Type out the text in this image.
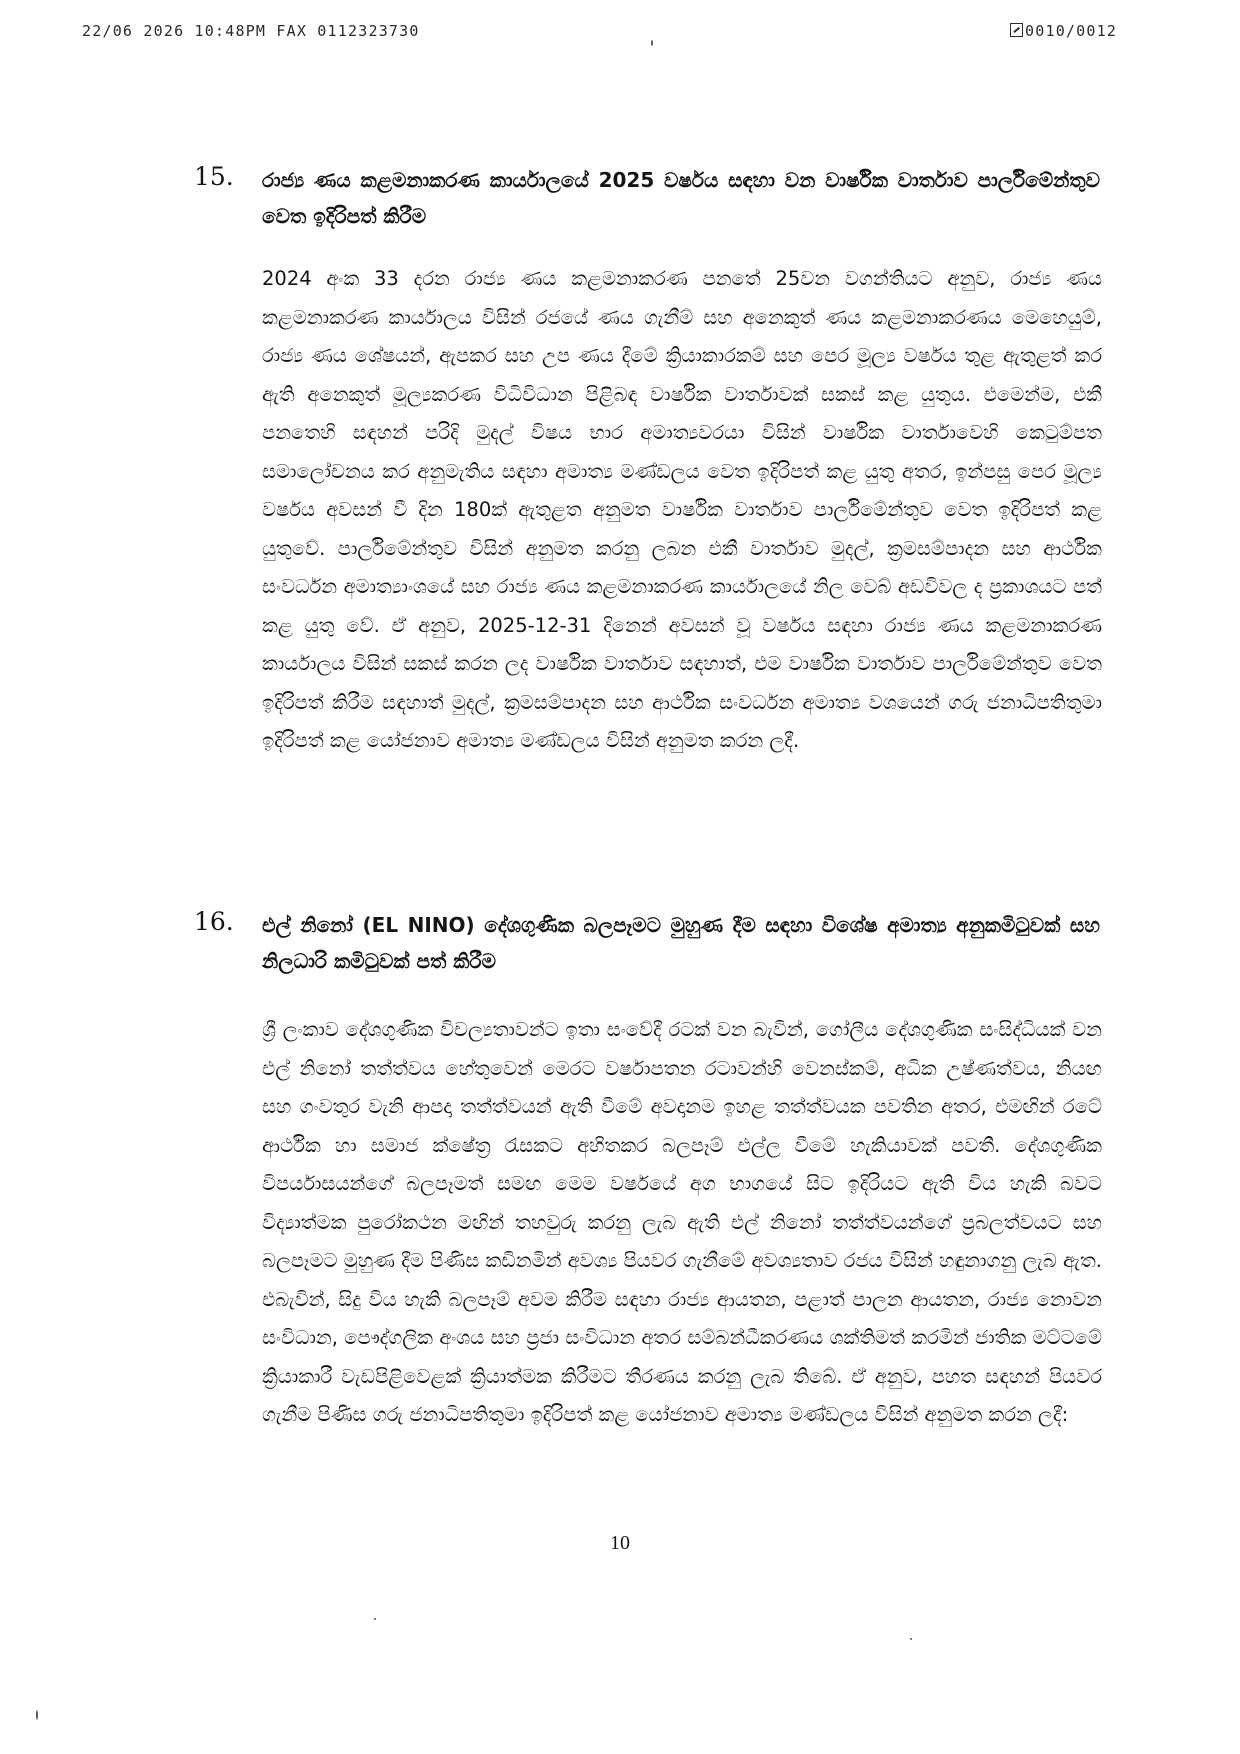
22/06 2026 10:48PM FAX 0112323730	0010/0012
15. රාජ්‍ය ණය කළමනාකරණ කාර්යාලයේ 2025 වර්ෂය සඳහා වන වාර්ෂික වාර්තාව පාර්ලිමේන්තුව වෙත ඉදිරිපත් කිරීම
2024 අංක 33 දරන රාජ්‍ය ණය කළමනාකරණ පනතේ 25වන වගන්තියට අනුව, රාජ්‍ය ණය කළමනාකරණ කාර්යාලය විසින් රජයේ ණය ගැනීම් සහ අනෙකුත් ණය කළමනාකරණය මෙහෙයුම්, රාජ්‍ය ණය ශේෂයන්, ඇපකර සහ උප ණය දීමේ ක්‍රියාකාරකම් සහ පෙර මූල්‍ය වර්ෂය තුළ ඇතුළත් කර ඇති අනෙකුත් මූල්‍යකරණ විධිවිධාන පිළිබඳ වාර්ෂික වාර්තාවක් සකස් කළ යුතුය. එමෙන්ම, එකී පනතෙහි සඳහන් පරිදි මුදල් විෂය භාර අමාත්‍යවරයා විසින් වාර්ෂික වාර්තාවෙහි කෙටුම්පත සමාලෝචනය කර අනුමැතිය සඳහා අමාත්‍ය මණ්ඩලය වෙත ඉදිරිපත් කළ යුතු අතර, ඉන්පසු පෙර මූල්‍ය වර්ෂය අවසන් වී දින 180ක් ඇතුළත අනුමත වාර්ෂික වාර්තාව පාර්ලිමේන්තුව වෙත ඉදිරිපත් කළ යුතුවේ. පාර්ලිමේන්තුව විසින් අනුමත කරනු ලබන එකී වාර්තාව මුදල්, ක්‍රමසම්පාදන සහ ආර්ථික සංවර්ධන අමාත්‍යාංශයේ සහ රාජ්‍ය ණය කළමනාකරණ කාර්යාලයේ නිල වෙබ් අඩවිවල ද ප්‍රකාශයට පත් කළ යුතු වේ. ඒ අනුව, 2025-12-31 දිනෙන් අවසන් වූ වර්ෂය සඳහා රාජ්‍ය ණය කළමනාකරණ කාර්යාලය විසින් සකස් කරන ලද වාර්ෂික වාර්තාව සඳහාත්, එම වාර්ෂික වාර්තාව පාර්ලිමේන්තුව වෙත ඉදිරිපත් කිරීම සඳහාත් මුදල්, ක්‍රමසම්පාදන සහ ආර්ථික සංවර්ධන අමාත්‍ය වශයෙන් ගරු ජනාධිපතිතුමා ඉදිරිපත් කළ යෝජනාව අමාත්‍ය මණ්ඩලය විසින් අනුමත කරන ලදී.
16. එල් නිනෝ (EL NINO) දේශගුණික බලපෑමට මුහුණ දීම සඳහා විශේෂ අමාත්‍ය අනුකමිටුවක් සහ නිලධාරි කමිටුවක් පත් කිරීම
ශ්‍රී ලංකාව දේශගුණික විචල්‍යතාවන්ට ඉතා සංවේදී රටක් වන බැවින්, ගෝලීය දේශගුණික සංසිද්ධියක් වන එල් නිනෝ තත්ත්වය හේතුවෙන් මෙරට වර්ෂාපතන රටාවන්හි වෙනස්කම්, අධික උෂ්ණත්වය, නියඟ සහ ගංවතුර වැනි ආපදා තත්ත්වයන් ඇති වීමේ අවදානම ඉහළ තත්ත්වයක පවතින අතර, එමඟින් රටේ ආර්ථික හා සමාජ ක්ෂේත්‍ර රැසකට අහිතකර බලපෑම් එල්ල වීමේ හැකියාවක් පවතී. දේශගුණික විපර්යාසයන්ගේ බලපෑමත් සමඟ මෙම වර්ෂයේ අග භාගයේ සිට ඉදිරියට ඇති විය හැකි බවට විද්‍යාත්මක පුරෝකථන මඟින් තහවුරු කරනු ලැබ ඇති එල් නිනෝ තත්ත්වයන්ගේ ප්‍රබලත්වයට සහ බලපෑමට මුහුණ දීම පිණිස කඩිනමින් අවශ්‍ය පියවර ගැනීමේ අවශ්‍යතාව රජය විසින් හඳුනාගනු ලැබ ඇත. එබැවින්, සිදු විය හැකි බලපෑම් අවම කිරීම සඳහා රාජ්‍ය ආයතන, පළාත් පාලන ආයතන, රාජ්‍ය නොවන සංවිධාන, පෞද්ගලික අංශය සහ ප්‍රජා සංවිධාන අතර සම්බන්ධීකරණය ශක්තිමත් කරමින් ජාතික මට්ටමේ ක්‍රියාකාරී වැඩපිළිවෙළක් ක්‍රියාත්මක කිරීමට තීරණය කරනු ලැබ තිබේ. ඒ අනුව, පහත සඳහන් පියවර ගැනීම පිණිස ගරු ජනාධිපතිතුමා ඉදිරිපත් කළ යෝජනාව අමාත්‍ය මණ්ඩලය විසින් අනුමත කරන ලදී:
10
